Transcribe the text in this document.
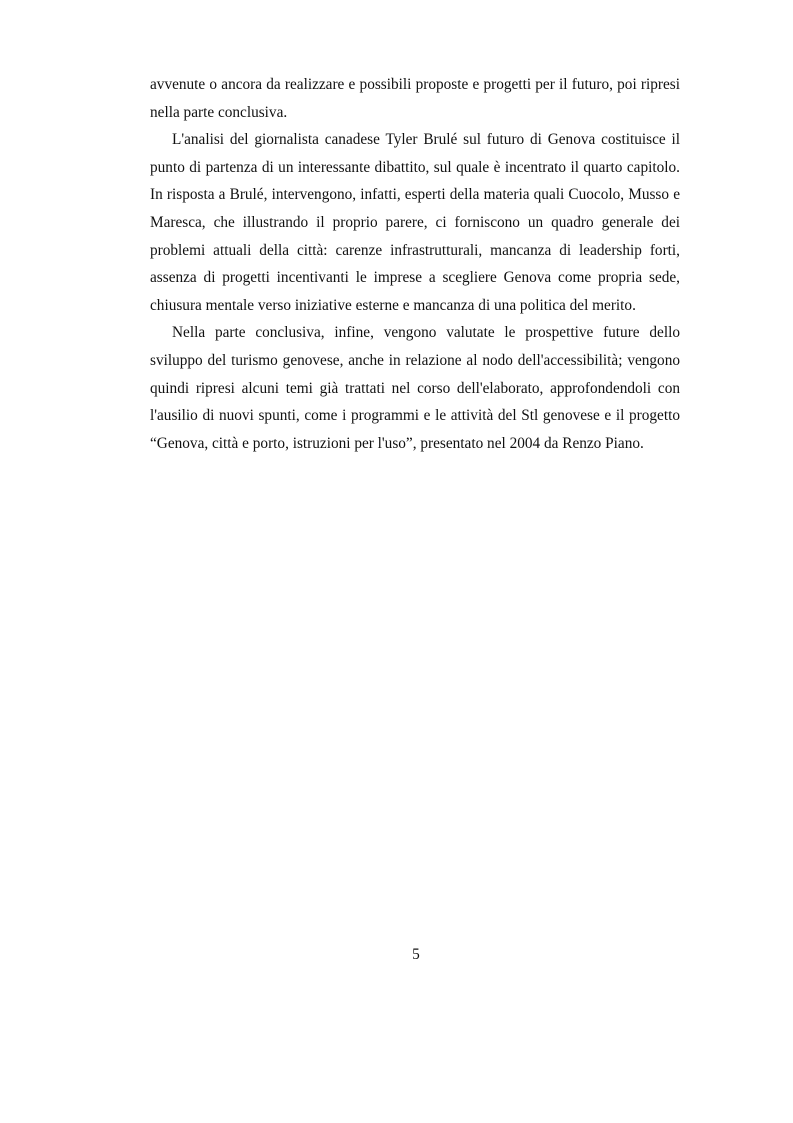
avvenute o ancora da realizzare e possibili proposte e progetti per il futuro, poi ripresi nella parte conclusiva.

L'analisi del giornalista canadese Tyler Brulé sul futuro di Genova costituisce il punto di partenza di un interessante dibattito, sul quale è incentrato il quarto capitolo. In risposta a Brulé, intervengono, infatti, esperti della materia quali Cuocolo, Musso e Maresca, che illustrando il proprio parere, ci forniscono un quadro generale dei problemi attuali della città: carenze infrastrutturali, mancanza di leadership forti, assenza di progetti incentivanti le imprese a scegliere Genova come propria sede, chiusura mentale verso iniziative esterne e mancanza di una politica del merito.

Nella parte conclusiva, infine, vengono valutate le prospettive future dello sviluppo del turismo genovese, anche in relazione al nodo dell'accessibilità; vengono quindi ripresi alcuni temi già trattati nel corso dell'elaborato, approfondendoli con l'ausilio di nuovi spunti, come i programmi e le attività del Stl genovese e il progetto “Genova, città e porto, istruzioni per l'uso”, presentato nel 2004 da Renzo Piano.

5
